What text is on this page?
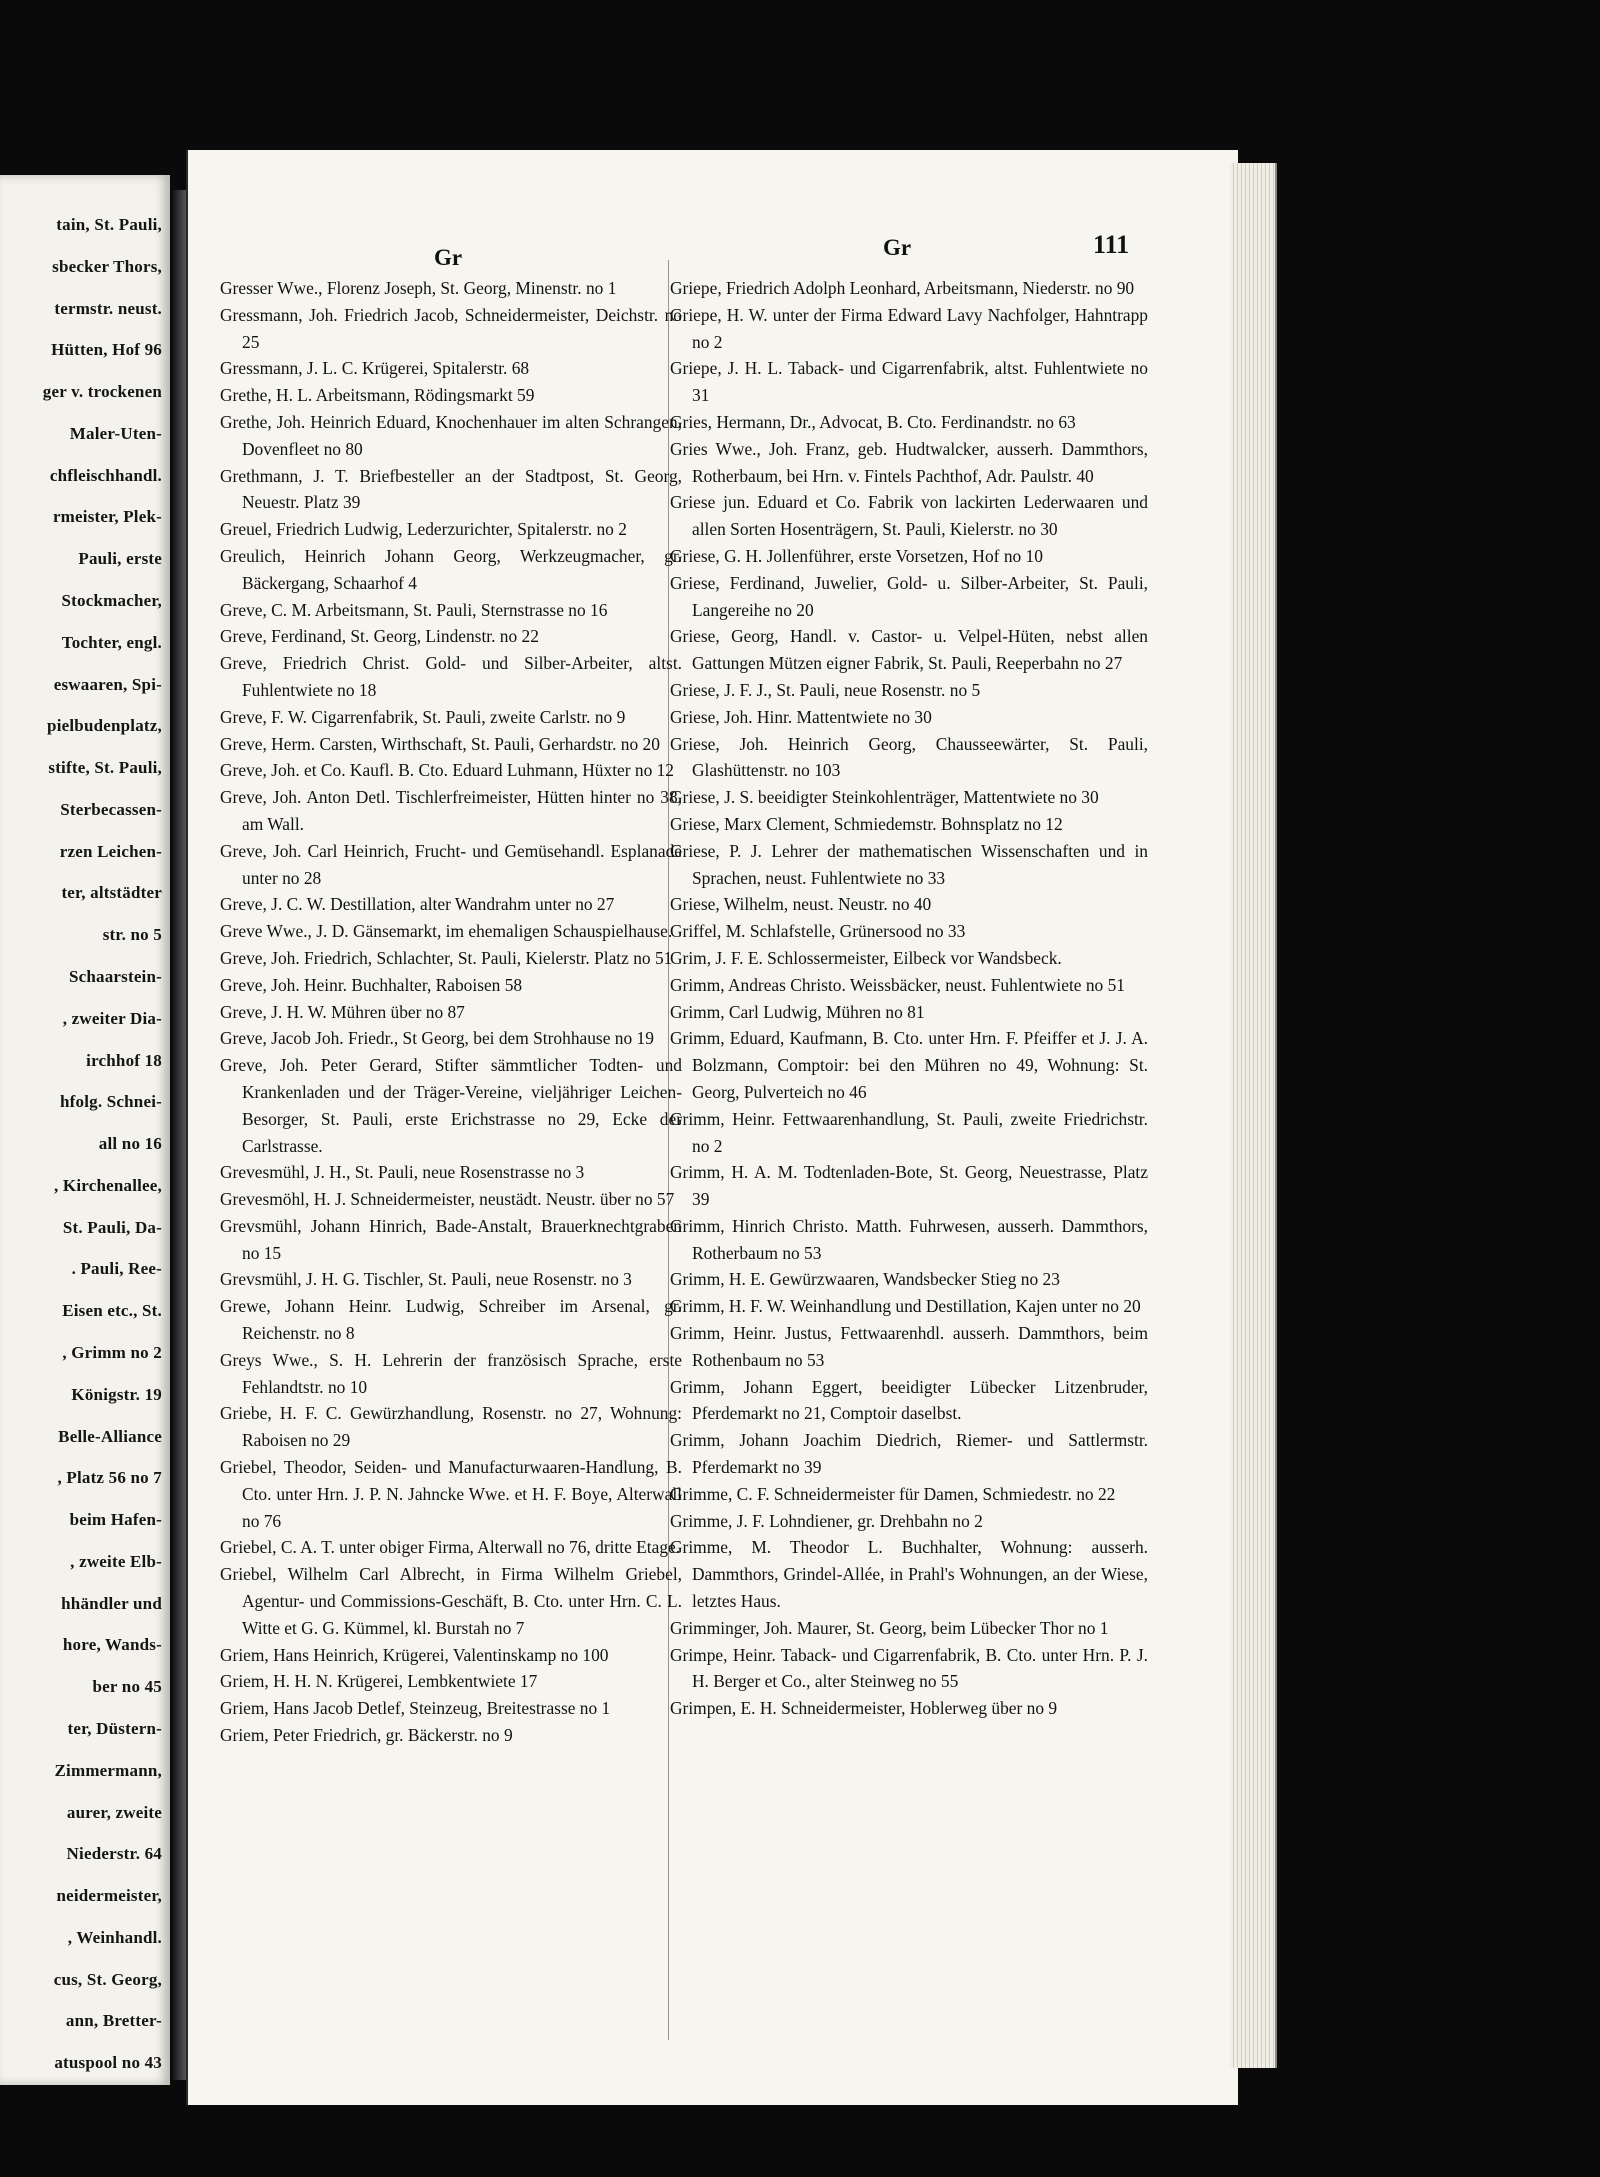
tain, St. Pauli,
sbecker Thors,
termstr. neust.
Hütten, Hof 96
ger v. trockenen
Maler-Uten-
chfleischhandl.
rmeister, Plek-
Pauli, erste
Stockmacher,
Tochter, engl.
eswaaren, Spi-
pielbudenplatz,
stifte, St. Pauli,
Sterbecassen-
rzen Leichen-
ter, altstädter
str. no 5
Schaarstein-
, zweiter Dia-
irchhof 18
hfolg. Schnei-
all no 16
, Kirchenallee,
St. Pauli, Da-
. Pauli, Ree-
Eisen etc., St.
, Grimm no 2
Königstr. 19
Belle-Alliance
, Platz 56 no 7
beim Hafen-
, zweite Elb-
hhändler und
hore, Wands-
ber no 45
ter, Düstern-
Zimmermann,
aurer, zweite
Niederstr. 64
neidermeister,
, Weinhandl.
cus, St. Georg,
ann, Bretter-
atuspool no 43
Gr	Gr	111

Gresser Wwe., Florenz Joseph, St. Georg, Minenstr. no 1

Gressmann, Joh. Friedrich Jacob, Schneidermeister, Deichstr. no 25

Gressmann, J. L. C. Krügerei, Spitalerstr. 68

Grethe, H. L. Arbeitsmann, Rödingsmarkt 59

Grethe, Joh. Heinrich Eduard, Knochenhauer im alten Schrangen, Dovenfleet no 80

Grethmann, J. T. Briefbesteller an der Stadtpost, St. Georg, Neuestr. Platz 39

Greuel, Friedrich Ludwig, Lederzurichter, Spitalerstr. no 2

Greulich, Heinrich Johann Georg, Werkzeugmacher, gr. Bäckergang, Schaarhof 4

Greve, C. M. Arbeitsmann, St. Pauli, Sternstrasse no 16

Greve, Ferdinand, St. Georg, Lindenstr. no 22

Greve, Friedrich Christ. Gold- und Silber-Arbeiter, altst. Fuhlentwiete no 18

Greve, F. W. Cigarrenfabrik, St. Pauli, zweite Carlstr. no 9

Greve, Herm. Carsten, Wirthschaft, St. Pauli, Gerhardstr. no 20

Greve, Joh. et Co. Kaufl. B. Cto. Eduard Luhmann, Hüxter no 12

Greve, Joh. Anton Detl. Tischlerfreimeister, Hütten hinter no 38, am Wall.

Greve, Joh. Carl Heinrich, Frucht- und Gemüsehandl. Esplanade unter no 28

Greve, J. C. W. Destillation, alter Wandrahm unter no 27

Greve Wwe., J. D. Gänsemarkt, im ehemaligen Schauspielhause.

Greve, Joh. Friedrich, Schlachter, St. Pauli, Kielerstr. Platz no 51

Greve, Joh. Heinr. Buchhalter, Raboisen 58

Greve, J. H. W. Mühren über no 87

Greve, Jacob Joh. Friedr., St Georg, bei dem Strohhause no 19

Greve, Joh. Peter Gerard, Stifter sämmtlicher Todten- und Krankenladen und der Träger-Vereine, vieljähriger Leichen-Besorger, St. Pauli, erste Erichstrasse no 29, Ecke der Carlstrasse.

Grevesmühl, J. H., St. Pauli, neue Rosenstrasse no 3

Grevesmöhl, H. J. Schneidermeister, neustädt. Neustr. über no 57

Grevsmühl, Johann Hinrich, Bade-Anstalt, Brauerknechtgraben no 15

Grevsmühl, J. H. G. Tischler, St. Pauli, neue Rosenstr. no 3

Grewe, Johann Heinr. Ludwig, Schreiber im Arsenal, gr. Reichenstr. no 8

Greys Wwe., S. H. Lehrerin der französisch Sprache, erste Fehlandtstr. no 10

Griebe, H. F. C. Gewürzhandlung, Rosenstr. no 27, Wohnung: Raboisen no 29

Griebel, Theodor, Seiden- und Manufacturwaaren-Handlung, B. Cto. unter Hrn. J. P. N. Jahncke Wwe. et H. F. Boye, Alterwall no 76

Griebel, C. A. T. unter obiger Firma, Alterwall no 76, dritte Etage.

Griebel, Wilhelm Carl Albrecht, in Firma Wilhelm Griebel, Agentur- und Commissions-Geschäft, B. Cto. unter Hrn. C. L. Witte et G. G. Kümmel, kl. Burstah no 7

Griem, Hans Heinrich, Krügerei, Valentinskamp no 100

Griem, H. H. N. Krügerei, Lembkentwiete 17

Griem, Hans Jacob Detlef, Steinzeug, Breitestrasse no 1

Griem, Peter Friedrich, gr. Bäckerstr. no 9

Griepe, Friedrich Adolph Leonhard, Arbeitsmann, Niederstr. no 90

Griepe, H. W. unter der Firma Edward Lavy Nachfolger, Hahntrapp no 2

Griepe, J. H. L. Taback- und Cigarrenfabrik, altst. Fuhlentwiete no 31

Gries, Hermann, Dr., Advocat, B. Cto. Ferdinandstr. no 63

Gries Wwe., Joh. Franz, geb. Hudtwalcker, ausserh. Dammthors, Rotherbaum, bei Hrn. v. Fintels Pachthof, Adr. Paulstr. 40

Griese jun. Eduard et Co. Fabrik von lackirten Lederwaaren und allen Sorten Hosenträgern, St. Pauli, Kielerstr. no 30

Griese, G. H. Jollenführer, erste Vorsetzen, Hof no 10

Griese, Ferdinand, Juwelier, Gold- u. Silber-Arbeiter, St. Pauli, Langereihe no 20

Griese, Georg, Handl. v. Castor- u. Velpel-Hüten, nebst allen Gattungen Mützen eigner Fabrik, St. Pauli, Reeperbahn no 27

Griese, J. F. J., St. Pauli, neue Rosenstr. no 5

Griese, Joh. Hinr. Mattentwiete no 30

Griese, Joh. Heinrich Georg, Chausseewärter, St. Pauli, Glashüttenstr. no 103

Griese, J. S. beeidigter Steinkohlenträger, Mattentwiete no 30

Griese, Marx Clement, Schmiedemstr. Bohnsplatz no 12

Griese, P. J. Lehrer der mathematischen Wissenschaften und in Sprachen, neust. Fuhlentwiete no 33

Griese, Wilhelm, neust. Neustr. no 40

Griffel, M. Schlafstelle, Grünersood no 33

Grim, J. F. E. Schlossermeister, Eilbeck vor Wandsbeck.

Grimm, Andreas Christo. Weissbäcker, neust. Fuhlentwiete no 51

Grimm, Carl Ludwig, Mühren no 81

Grimm, Eduard, Kaufmann, B. Cto. unter Hrn. F. Pfeiffer et J. J. A. Bolzmann, Comptoir: bei den Mühren no 49, Wohnung: St. Georg, Pulverteich no 46

Grimm, Heinr. Fettwaarenhandlung, St. Pauli, zweite Friedrichstr. no 2

Grimm, H. A. M. Todtenladen-Bote, St. Georg, Neuestrasse, Platz 39

Grimm, Hinrich Christo. Matth. Fuhrwesen, ausserh. Dammthors, Rotherbaum no 53

Grimm, H. E. Gewürzwaaren, Wandsbecker Stieg no 23

Grimm, H. F. W. Weinhandlung und Destillation, Kajen unter no 20

Grimm, Heinr. Justus, Fettwaarenhdl. ausserh. Dammthors, beim Rothenbaum no 53

Grimm, Johann Eggert, beeidigter Lübecker Litzenbruder, Pferdemarkt no 21, Comptoir daselbst.

Grimm, Johann Joachim Diedrich, Riemer- und Sattlermstr. Pferdemarkt no 39

Grimme, C. F. Schneidermeister für Damen, Schmiedestr. no 22

Grimme, J. F. Lohndiener, gr. Drehbahn no 2

Grimme, M. Theodor L. Buchhalter, Wohnung: ausserh. Dammthors, Grindel-Allée, in Prahl's Wohnungen, an der Wiese, letztes Haus.

Grimminger, Joh. Maurer, St. Georg, beim Lübecker Thor no 1

Grimpe, Heinr. Taback- und Cigarrenfabrik, B. Cto. unter Hrn. P. J. H. Berger et Co., alter Steinweg no 55

Grimpen, E. H. Schneidermeister, Hoblerweg über no 9
